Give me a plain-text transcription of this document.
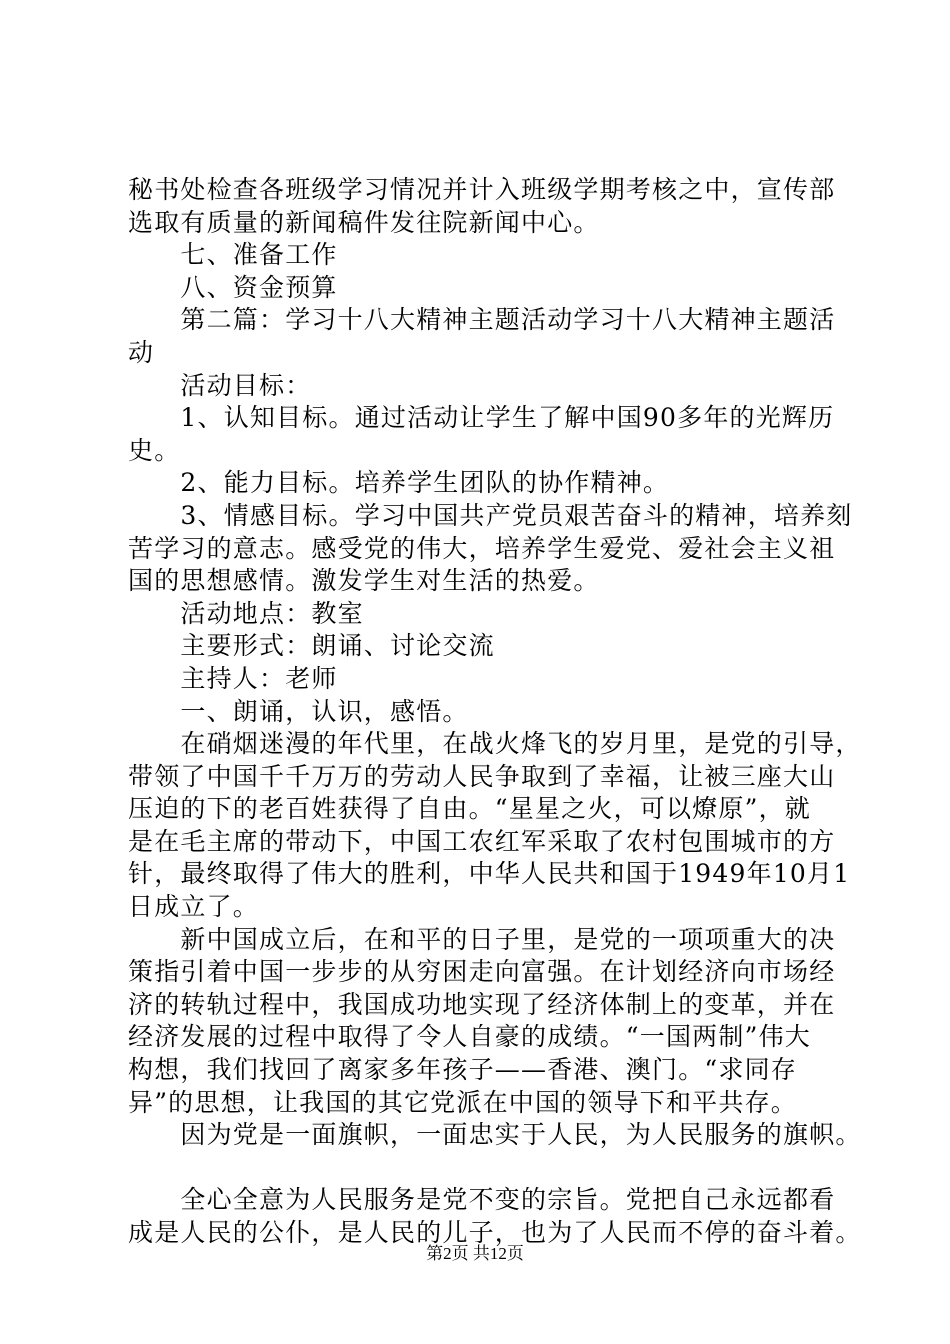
秘书处检查各班级学习情况并计入班级学期考核之中，宣传部

选取有质量的新闻稿件发往院新闻中心。

　　七、准备工作

　　八、资金预算

　　第二篇：学习十八大精神主题活动学习十八大精神主题活

动

　　活动目标：

　　1、认知目标。通过活动让学生了解中国90多年的光辉历

史。

　　2、能力目标。培养学生团队的协作精神。

　　3、情感目标。学习中国共产党员艰苦奋斗的精神，培养刻

苦学习的意志。感受党的伟大，培养学生爱党、爱社会主义祖

国的思想感情。激发学生对生活的热爱。

　　活动地点：教室

　　主要形式：朗诵、讨论交流

　　主持人：老师

　　一、朗诵，认识，感悟。

　　在硝烟迷漫的年代里，在战火烽飞的岁月里，是党的引导，

带领了中国千千万万的劳动人民争取到了幸福，让被三座大山

压迫的下的老百姓获得了自由。“星星之火，可以燎原”，就

是在毛主席的带动下，中国工农红军采取了农村包围城市的方

针，最终取得了伟大的胜利，中华人民共和国于1949年10月1

日成立了。

　　新中国成立后，在和平的日子里，是党的一项项重大的决

策指引着中国一步步的从穷困走向富强。在计划经济向市场经

济的转轨过程中，我国成功地实现了经济体制上的变革，并在

经济发展的过程中取得了令人自豪的成绩。“一国两制”伟大

构想，我们找回了离家多年孩子——香港、澳门。“求同存

异”的思想，让我国的其它党派在中国的领导下和平共存。

　　因为党是一面旗帜，一面忠实于人民，为人民服务的旗帜。

　　全心全意为人民服务是党不变的宗旨。党把自己永远都看

成是人民的公仆，是人民的儿子，也为了人民而不停的奋斗着。

第2页 共12页
